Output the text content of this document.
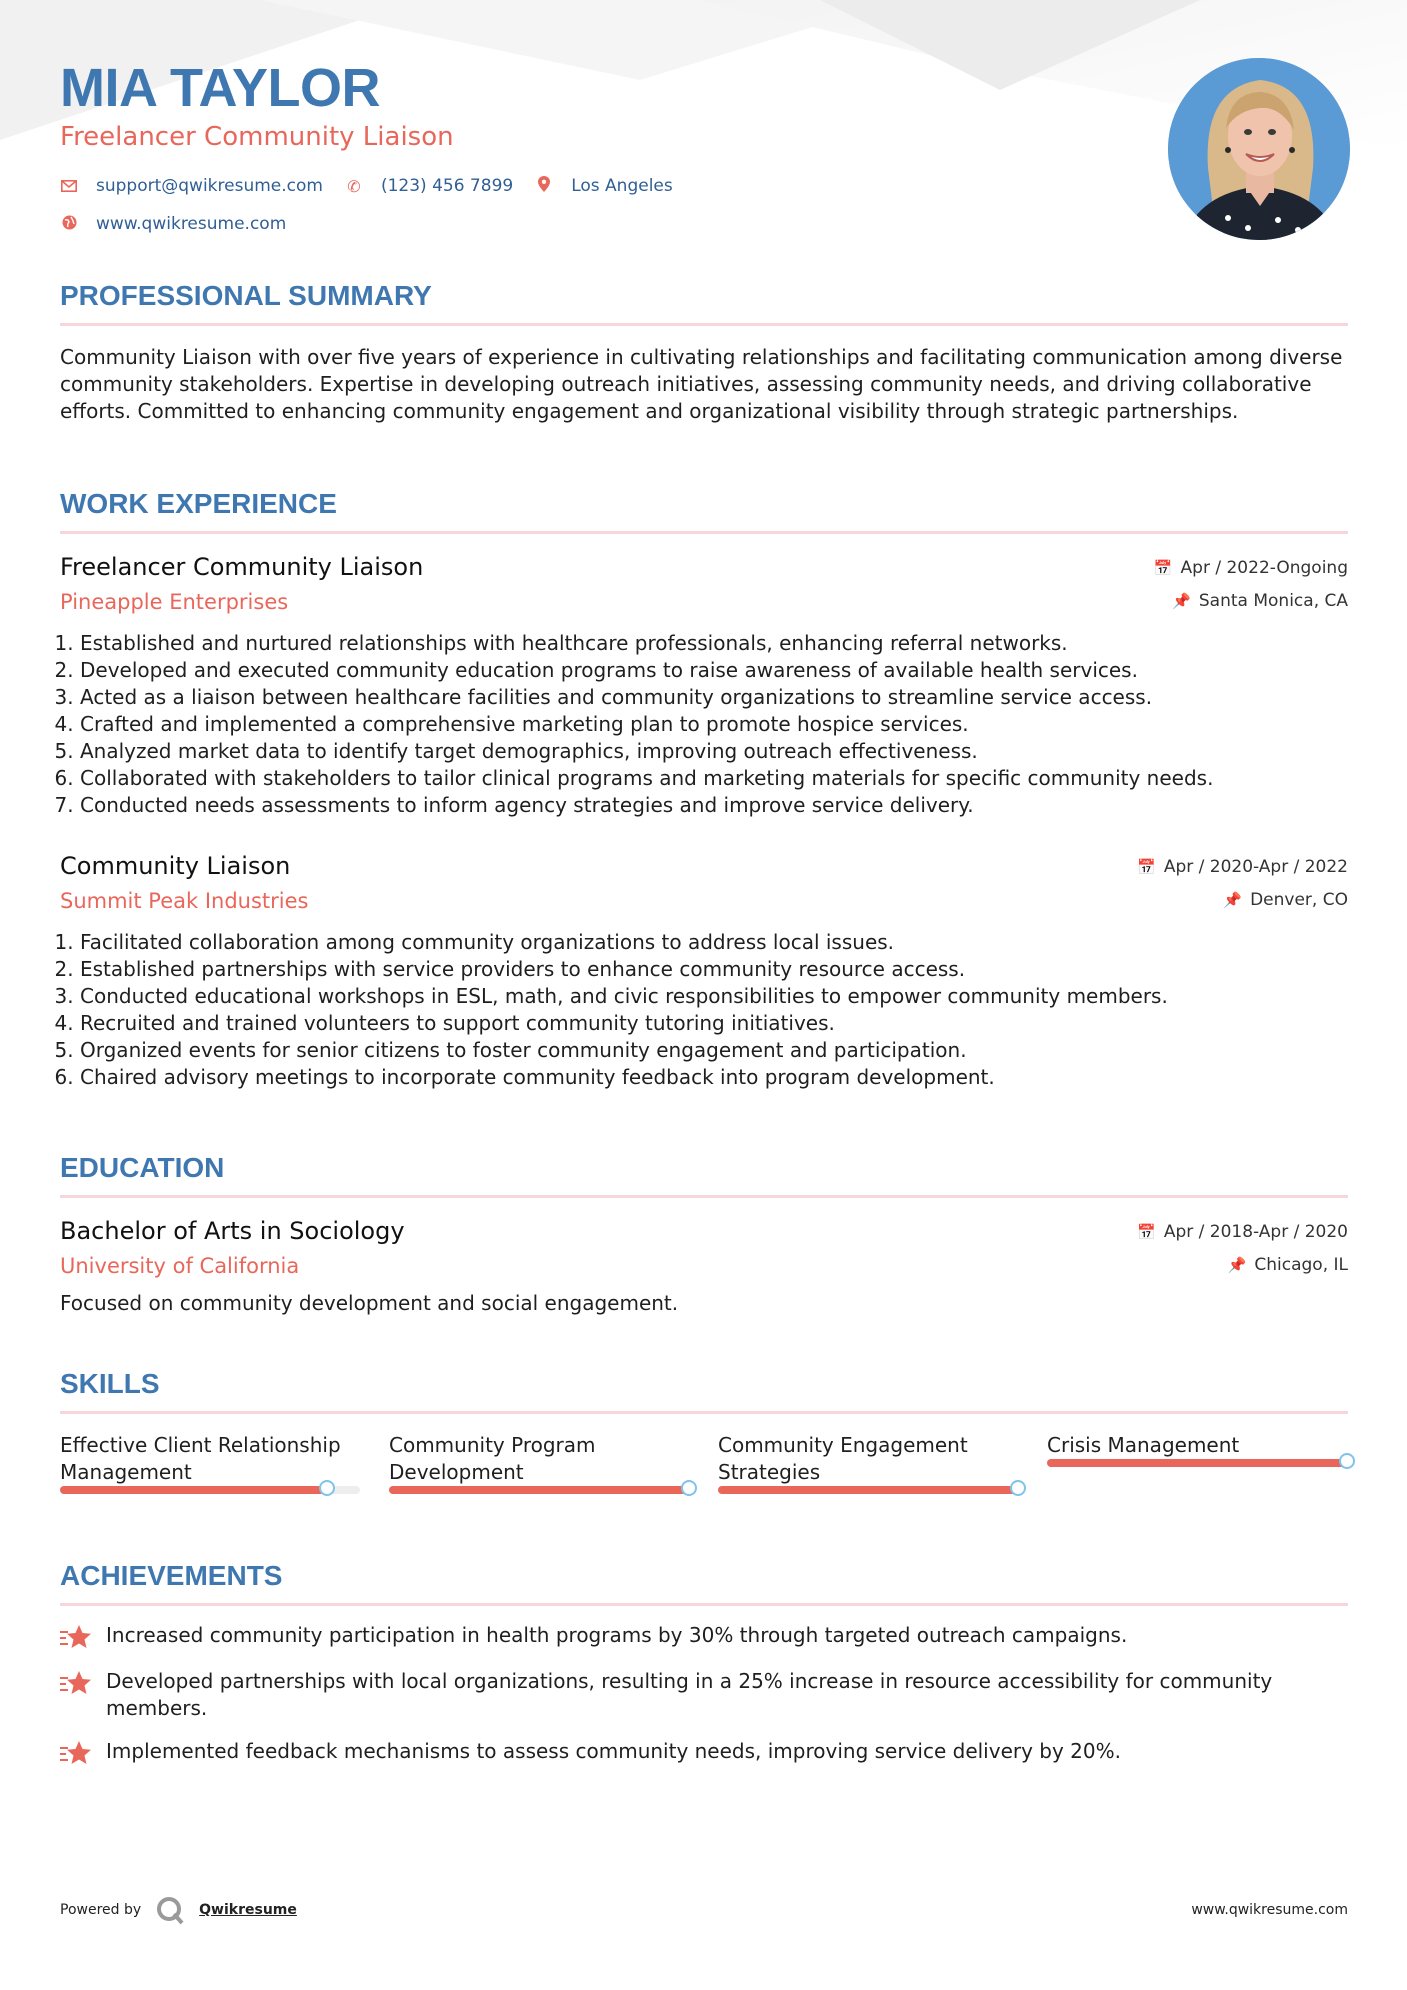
MIA TAYLOR
Freelancer Community Liaison
support@qwikresume.com ✆ (123) 456 7899	Los Angeles
www.qwikresume.com
PROFESSIONAL SUMMARY
Community Liaison with over five years of experience in cultivating relationships and facilitating communication among diverse community stakeholders. Expertise in developing outreach initiatives, assessing community needs, and driving collaborative efforts. Committed to enhancing community engagement and organizational visibility through strategic partnerships.
WORK EXPERIENCE
Freelancer Community Liaison
Pineapple Enterprises
📅 Apr / 2022-Ongoing
📌 Santa Monica, CA
1. Established and nurtured relationships with healthcare professionals, enhancing referral networks.
2. Developed and executed community education programs to raise awareness of available health services.
3. Acted as a liaison between healthcare facilities and community organizations to streamline service access.
4. Crafted and implemented a comprehensive marketing plan to promote hospice services.
5. Analyzed market data to identify target demographics, improving outreach effectiveness.
6. Collaborated with stakeholders to tailor clinical programs and marketing materials for specific community needs.
7. Conducted needs assessments to inform agency strategies and improve service delivery.
Community Liaison
Summit Peak Industries
📅 Apr / 2020-Apr / 2022
📌 Denver, CO
1. Facilitated collaboration among community organizations to address local issues.
2. Established partnerships with service providers to enhance community resource access.
3. Conducted educational workshops in ESL, math, and civic responsibilities to empower community members.
4. Recruited and trained volunteers to support community tutoring initiatives.
5. Organized events for senior citizens to foster community engagement and participation.
6. Chaired advisory meetings to incorporate community feedback into program development.
EDUCATION
Bachelor of Arts in Sociology
University of California
📅 Apr / 2018-Apr / 2020
📌 Chicago, IL
Focused on community development and social engagement.
SKILLS
Effective Client Relationship Management
Community Program Development
Community Engagement Strategies
Crisis Management
ACHIEVEMENTS
Increased community participation in health programs by 30% through targeted outreach campaigns.
Developed partnerships with local organizations, resulting in a 25% increase in resource accessibility for community members.
Implemented feedback mechanisms to assess community needs, improving service delivery by 20%.
Powered by	Qwikresume	www.qwikresume.com
